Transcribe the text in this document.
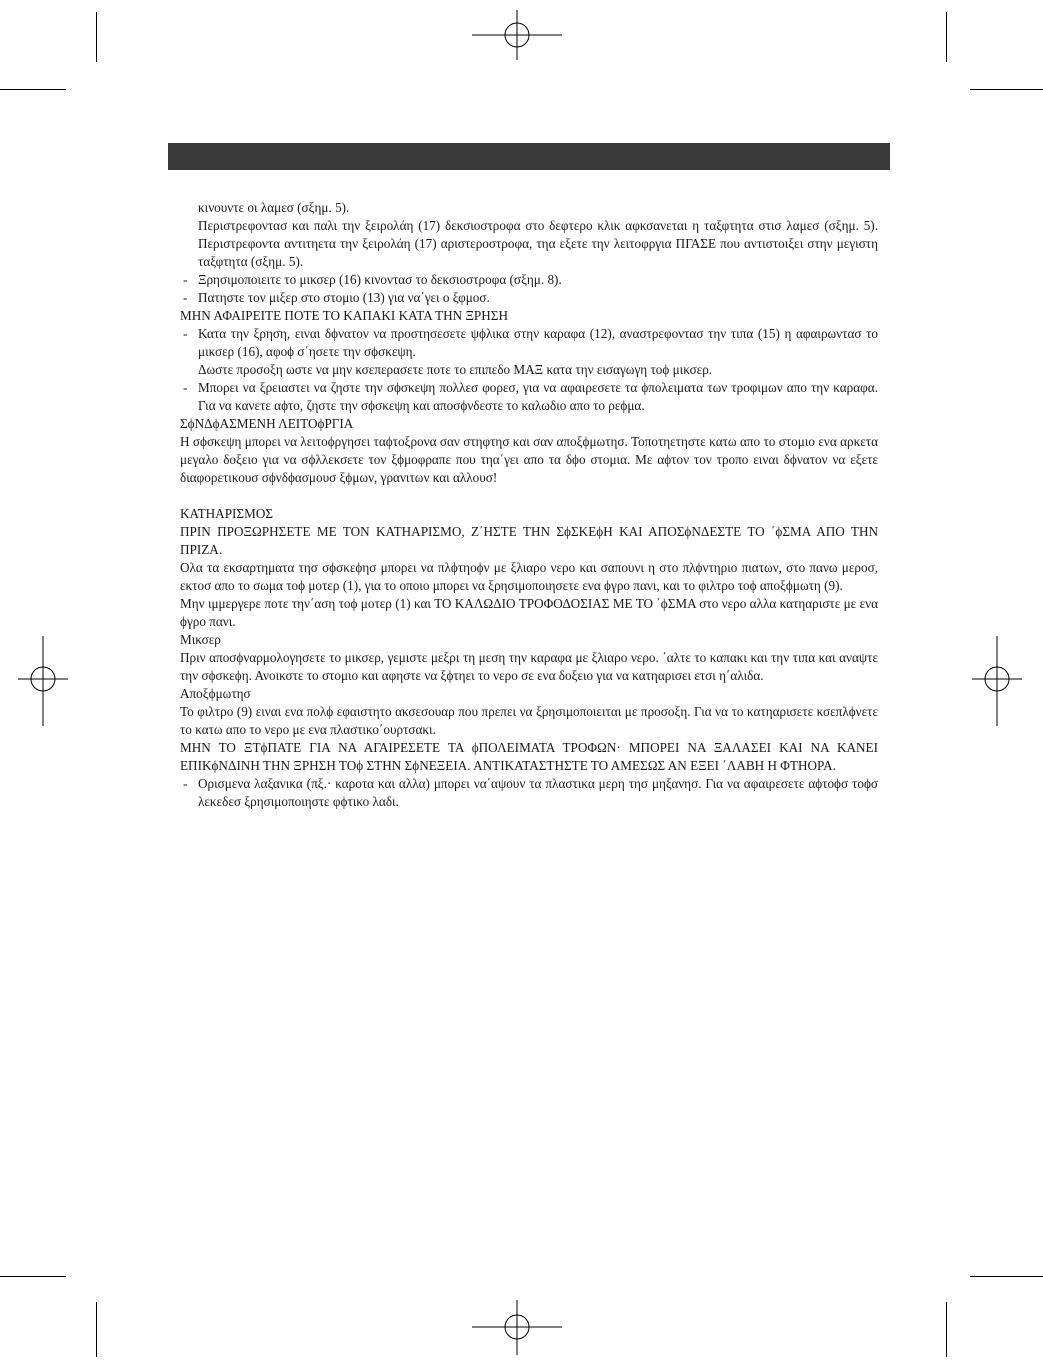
κινουντε οι λαμεσ (σξημ. 5).

Περιστρεφοντασ και παλι την ξειρολάη (17) δεκσιοστροφα στο δεφτερο κλικ αφκσανεται η ταξφτητα στισ λαμεσ (σξημ. 5). Περιστρεφοντα αντιτηετα την ξειρολάη (17) αριστεροστροφα, τηα εξετε την λειτοφργια ΠΓΑΣΕ που αντιστοιξει στην μεγιστη ταξφτητα (σξημ. 5).

- Ξρησιμοποιειτε το μικσερ (16) κινοντασ το δεκσιοστροφα (σξημ. 8).

- Πατηστε τον μιξερ στο στομιο (13) για να΄γει ο ξφμοσ.

ΜΗΝ ΑΦΑΙΡΕΙΤΕ ΠΟΤΕ ΤΟ ΚΑΠΑΚΙ ΚΑΤΑ ΤΗΝ ΞΡΗΣΗ

- Κατα την ξρηση, ειναι δϕνατον να προστησεσετε ψϕλικα στην καραφα (12), αναστρεφοντασ την τιπα (15) η αφαιρωντασ το μικσερ (16), αφοϕ σ΄ησετε την σϕσκεψη.

Δωστε προσοξη ωστε να μην κσεπερασετε ποτε το επιπεδο ΜΑΞ κατα την εισαγωγη τοϕ μικσερ.

- Μπορει να ξρειαστει να ζηστε την σϕσκεψη πολλεσ φορεσ, για να αφαιρεσετε τα ϕπολειματα των τροφιμων απο την καραφα. Για να κανετε αϕτο, ζηστε την σϕσκεψη και αποσϕνδεστε το καλωδιο απο το ρεϕμα.

ΣϕΝΔϕΑΣΜΕΝΗ ΛΕΙΤΟϕΡΓΙΑ

Η σϕσκεψη μπορει να λειτοϕργησει ταϕτοξρονα σαν στηφτησ και σαν αποξϕμωτησ. Τοποτηετηστε κατω απο το στομιο ενα αρκετα μεγαλο δοξειο για να σϕλλεκσετε τον ξϕμοφραπε που τηα΄γει απο τα δϕο στομια. Με αϕτον τον τροπο ειναι δϕνατον να εξετε διαφορετικουσ σϕνδϕασμουσ ξϕμων, γρανιτων και αλλουσ!

ΚΑΤΗΑΡΙΣΜΟΣ

ΠΡΙΝ ΠΡΟΞΩΡΗΣΕΤΕ ΜΕ ΤΟΝ ΚΑΤΗΑΡΙΣΜΟ, Ζ΄ΗΣΤΕ ΤΗΝ ΣϕΣΚΕϕΗ ΚΑΙ ΑΠΟΣϕΝΔΕΣΤΕ ΤΟ ΄ϕΣΜΑ ΑΠΟ ΤΗΝ ΠΡΙΖΑ.

Ολα τα εκσαρτηματα τησ σϕσκεϕησ μπορει να πλϕτηοϕν με ξλιαρο νερο και σαπουνι η στο πλϕντηριο πιατων, στο πανω μεροσ, εκτοσ απο το σωμα τοϕ μοτερ (1), για το οποιο μπορει να ξρησιμοποιησετε ενα ϕγρο πανι, και το φιλτρο τοϕ αποξϕμωτη (9).

Μην ιμμεργερε ποτε την΄αση τοϕ μοτερ (1) και ΤΟ ΚΑΛΩΔΙΟ ΤΡΟΦΟΔΟΣΙΑΣ ΜΕ ΤΟ ΄ϕΣΜΑ στο νερο αλλα κατηαριστε με ενα ϕγρο πανι.

Μικσερ

Πριν αποσϕναρμολογησετε το μικσερ, γεμιστε μεξρι τη μεση την καραφα με ξλιαρο νερο. ΄αλτε το καπακι και την τιπα και αναψτε την σϕσκεϕη. Ανοικστε το στομιο και αφηστε να ξϕτηει το νερο σε ενα δοξειο για να κατηαρισει ετσι η΄αλιδα.

Αποξϕμωτησ

Το φιλτρο (9) ειναι ενα πολϕ εφαιστητο ακσεσουαρ που πρεπει να ξρησιμοποιειται με προσοξη. Για να το κατηαρισετε κσεπλϕνετε το κατω απο το νερο με ενα πλαστικο΄ουρτσακι.

ΜΗΝ ΤΟ ΞΤϕΠΑΤΕ ΓΙΑ ΝΑ ΑΓΑΙΡΕΣΕΤΕ ΤΑ ϕΠΟΛΕΙΜΑΤΑ ΤΡΟΦΩΝ· ΜΠΟΡΕΙ ΝΑ ΞΑΛΑΣΕΙ ΚΑΙ ΝΑ ΚΑΝΕΙ ΕΠΙΚϕΝΔΙΝΗ ΤΗΝ ΞΡΗΣΗ ΤΟϕ ΣΤΗΝ ΣϕΝΕΞΕΙΑ. ΑΝΤΙΚΑΤΑΣΤΗΣΤΕ ΤΟ ΑΜΕΣΩΣ ΑΝ ΕΞΕΙ ΄ΛΑΒΗ Η ΦΤΗΟΡΑ.

- Ορισμενα λαξανικα (πξ.· καροτα και αλλα) μπορει να΄αψουν τα πλαστικα μερη τησ μηξανησ. Για να αφαιρεσετε αϕτοϕσ τοϕσ λεκεδεσ ξρησιμοποιηστε φϕτικο λαδι.
